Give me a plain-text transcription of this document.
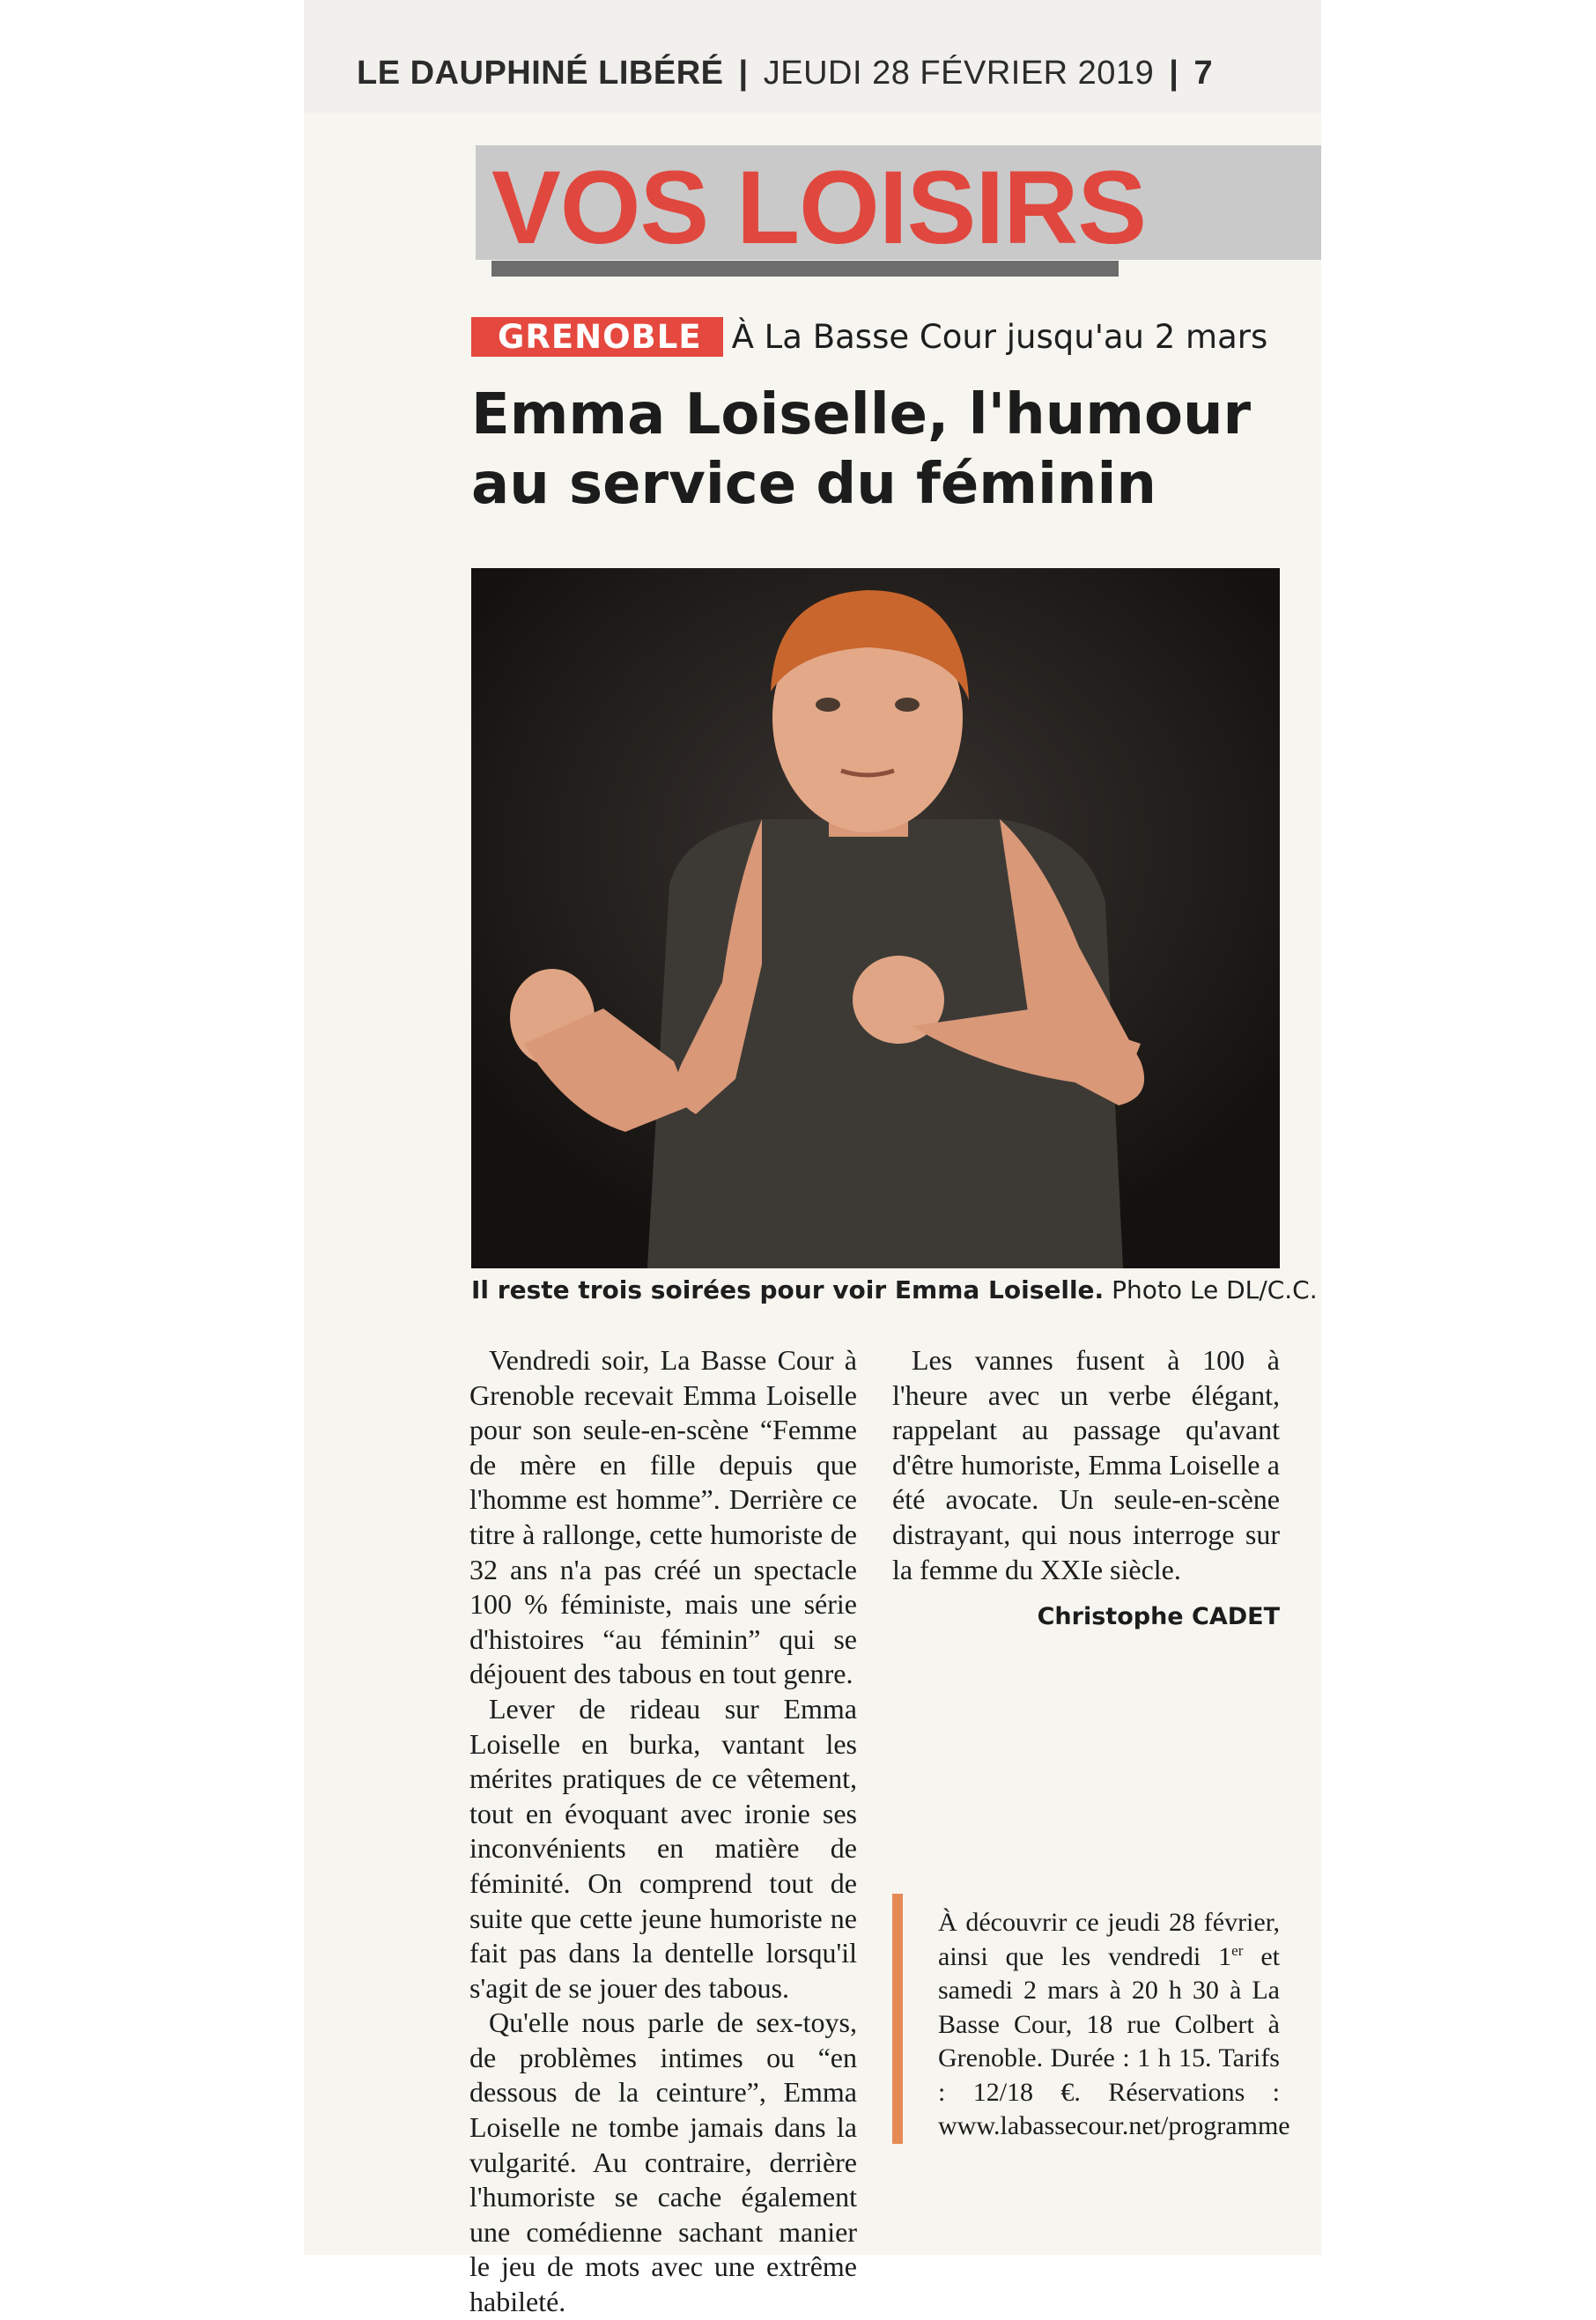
LE DAUPHINÉ LIBÉRÉ | JEUDI 28 FÉVRIER 2019 | 7
VOS LOISIRS
GRENOBLE À La Basse Cour jusqu'au 2 mars
Emma Loiselle, l'humour
au service du féminin
Il reste trois soirées pour voir Emma Loiselle. Photo Le DL/C.C.

Vendredi soir, La Basse Cour à Grenoble recevait Emma Loiselle pour son seule-en-scène “Femme de mère en fille depuis que l'homme est homme”. Derrière ce titre à rallonge, cette humoriste de 32 ans n'a pas créé un spectacle 100 % féministe, mais une série d'histoires “au féminin” qui se déjouent des tabous en tout genre.

Lever de rideau sur Emma Loiselle en burka, vantant les mérites pratiques de ce vêtement, tout en évoquant avec ironie ses inconvénients en matière de féminité. On comprend tout de suite que cette jeune humoriste ne fait pas dans la dentelle lorsqu'il s'agit de se jouer des tabous.

Qu'elle nous parle de sex-toys, de problèmes intimes ou “en dessous de la ceinture”, Emma Loiselle ne tombe jamais dans la vulgarité. Au contraire, derrière l'humoriste se cache également une comédienne sachant manier le jeu de mots avec une extrême habileté.

Les vannes fusent à 100 à l'heure avec un verbe élégant, rappelant au passage qu'avant d'être humoriste, Emma Loiselle a été avocate. Un seule-en-scène distrayant, qui nous interroge sur la femme du XXIe siècle.

Christophe CADET
À découvrir ce jeudi 28 février, ainsi que les vendredi 1er et samedi 2 mars à 20 h 30 à La Basse Cour, 18 rue Colbert à Grenoble. Durée : 1 h 15. Tarifs : 12/18 €. Réservations : www.labassecour.net/programme
